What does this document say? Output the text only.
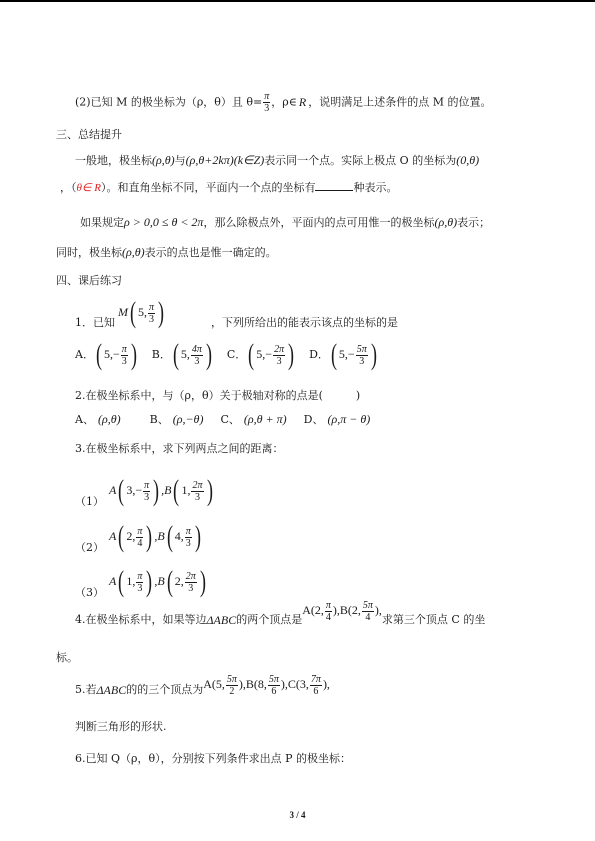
(2)已知 M 的极坐标为（ρ，θ）且 $\theta= \frac{\pi}{3}$ ，ρ∈ R ，说明满足上述条件的点 M 的位置。
三、总结提升
一般地，极坐标(ρ,θ)与(ρ,θ+2kπ)(k∈Z)表示同一个点。实际上极点 O 的坐标为(0,θ)
，（θ∈ R）。和直角坐标不同，平面内一个点的坐标有	种表示。
如果规定ρ > 0,0 ≤ θ < 2π，那么除极点外，平面内的点可用惟一的极坐标(ρ,θ)表示；
同时，极坐标(ρ,θ)表示的点也是惟一确定的。
四、课后练习
M( 5, $\frac{\pi}{3}$ )
1．已知	，下列所给出的能表示该点的坐标的是
A．( $5,- \frac{\pi}{3}$ ) B．( 5, $\frac{4\pi}{3}$ ) C．( $5,- \frac{2\pi}{3}$ ) D．( $5,- \frac{5\pi}{3}$ )
2.在极坐标系中，与（ρ，θ）关于极轴对称的点是(　　　)
A、 (ρ,θ)	B、 (ρ,−θ) C、 (ρ,θ + π) D、 (ρ,π − θ)
3.在极坐标系中，求下列两点之间的距离：
（1）A( $3,- \frac{\pi}{3}$ ) ,B( 1, $\frac{2\pi}{3}$ )
（2）A( 2, $\frac{\pi}{4}$ ) ,B( 4, $\frac{\pi}{3}$ )
（3）A( 1, $\frac{\pi}{3}$ ) ,B( 2, $\frac{2\pi}{3}$ )
4.在极坐标系中，如果等边ΔABC的两个顶点是A(2, $\frac{\pi}{4} ),B(2$, $\frac{5\pi}{4}$ ),求第三个顶点 C 的坐
标。
5.若ΔABC的的三个顶点为A(5, $\frac{5\pi}{2} ),B(8$, $\frac{5\pi}{6} ),C(3$, $\frac{7\pi}{6}$ ),
判断三角形的形状.
6.已知 Q（ρ，θ），分别按下列条件求出点 P 的极坐标：
3 / 4
